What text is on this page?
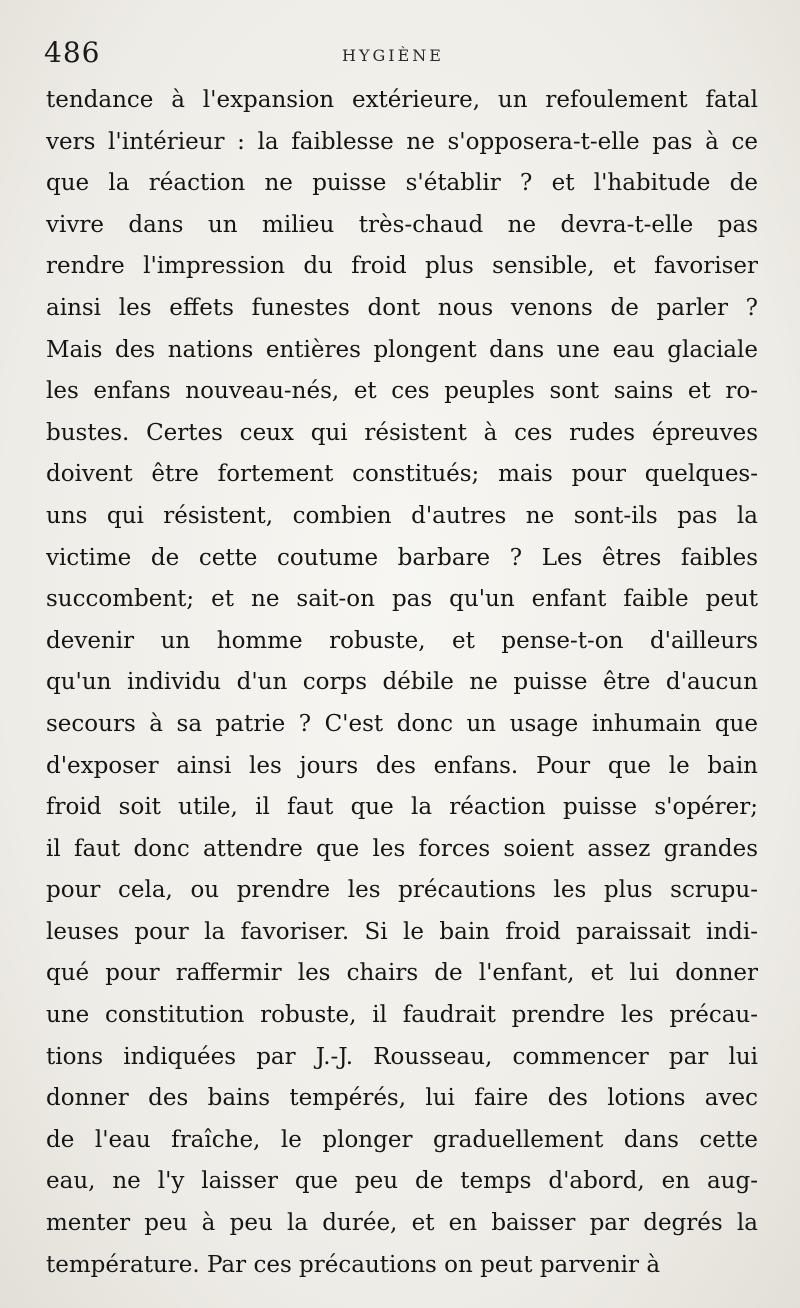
486	HYGIÈNE
tendance à l'expansion extérieure, un refoulement fatal
vers l'intérieur : la faiblesse ne s'opposera-t-elle pas à ce
que la réaction ne puisse s'établir ? et l'habitude de
vivre dans un milieu très-chaud ne devra-t-elle pas
rendre l'impression du froid plus sensible, et favoriser
ainsi les effets funestes dont nous venons de parler ?
Mais des nations entières plongent dans une eau glaciale
les enfans nouveau-nés, et ces peuples sont sains et ro-
bustes. Certes ceux qui résistent à ces rudes épreuves
doivent être fortement constitués; mais pour quelques-
uns qui résistent, combien d'autres ne sont-ils pas la
victime de cette coutume barbare ? Les êtres faibles
succombent; et ne sait-on pas qu'un enfant faible peut
devenir un homme robuste, et pense-t-on d'ailleurs
qu'un individu d'un corps débile ne puisse être d'aucun
secours à sa patrie ? C'est donc un usage inhumain que
d'exposer ainsi les jours des enfans. Pour que le bain
froid soit utile, il faut que la réaction puisse s'opérer;
il faut donc attendre que les forces soient assez grandes
pour cela, ou prendre les précautions les plus scrupu-
leuses pour la favoriser. Si le bain froid paraissait indi-
qué pour raffermir les chairs de l'enfant, et lui donner
une constitution robuste, il faudrait prendre les précau-
tions indiquées par J.-J. Rousseau, commencer par lui
donner des bains tempérés, lui faire des lotions avec
de l'eau fraîche, le plonger graduellement dans cette
eau, ne l'y laisser que peu de temps d'abord, en aug-
menter peu à peu la durée, et en baisser par degrés la
température. Par ces précautions on peut parvenir à
